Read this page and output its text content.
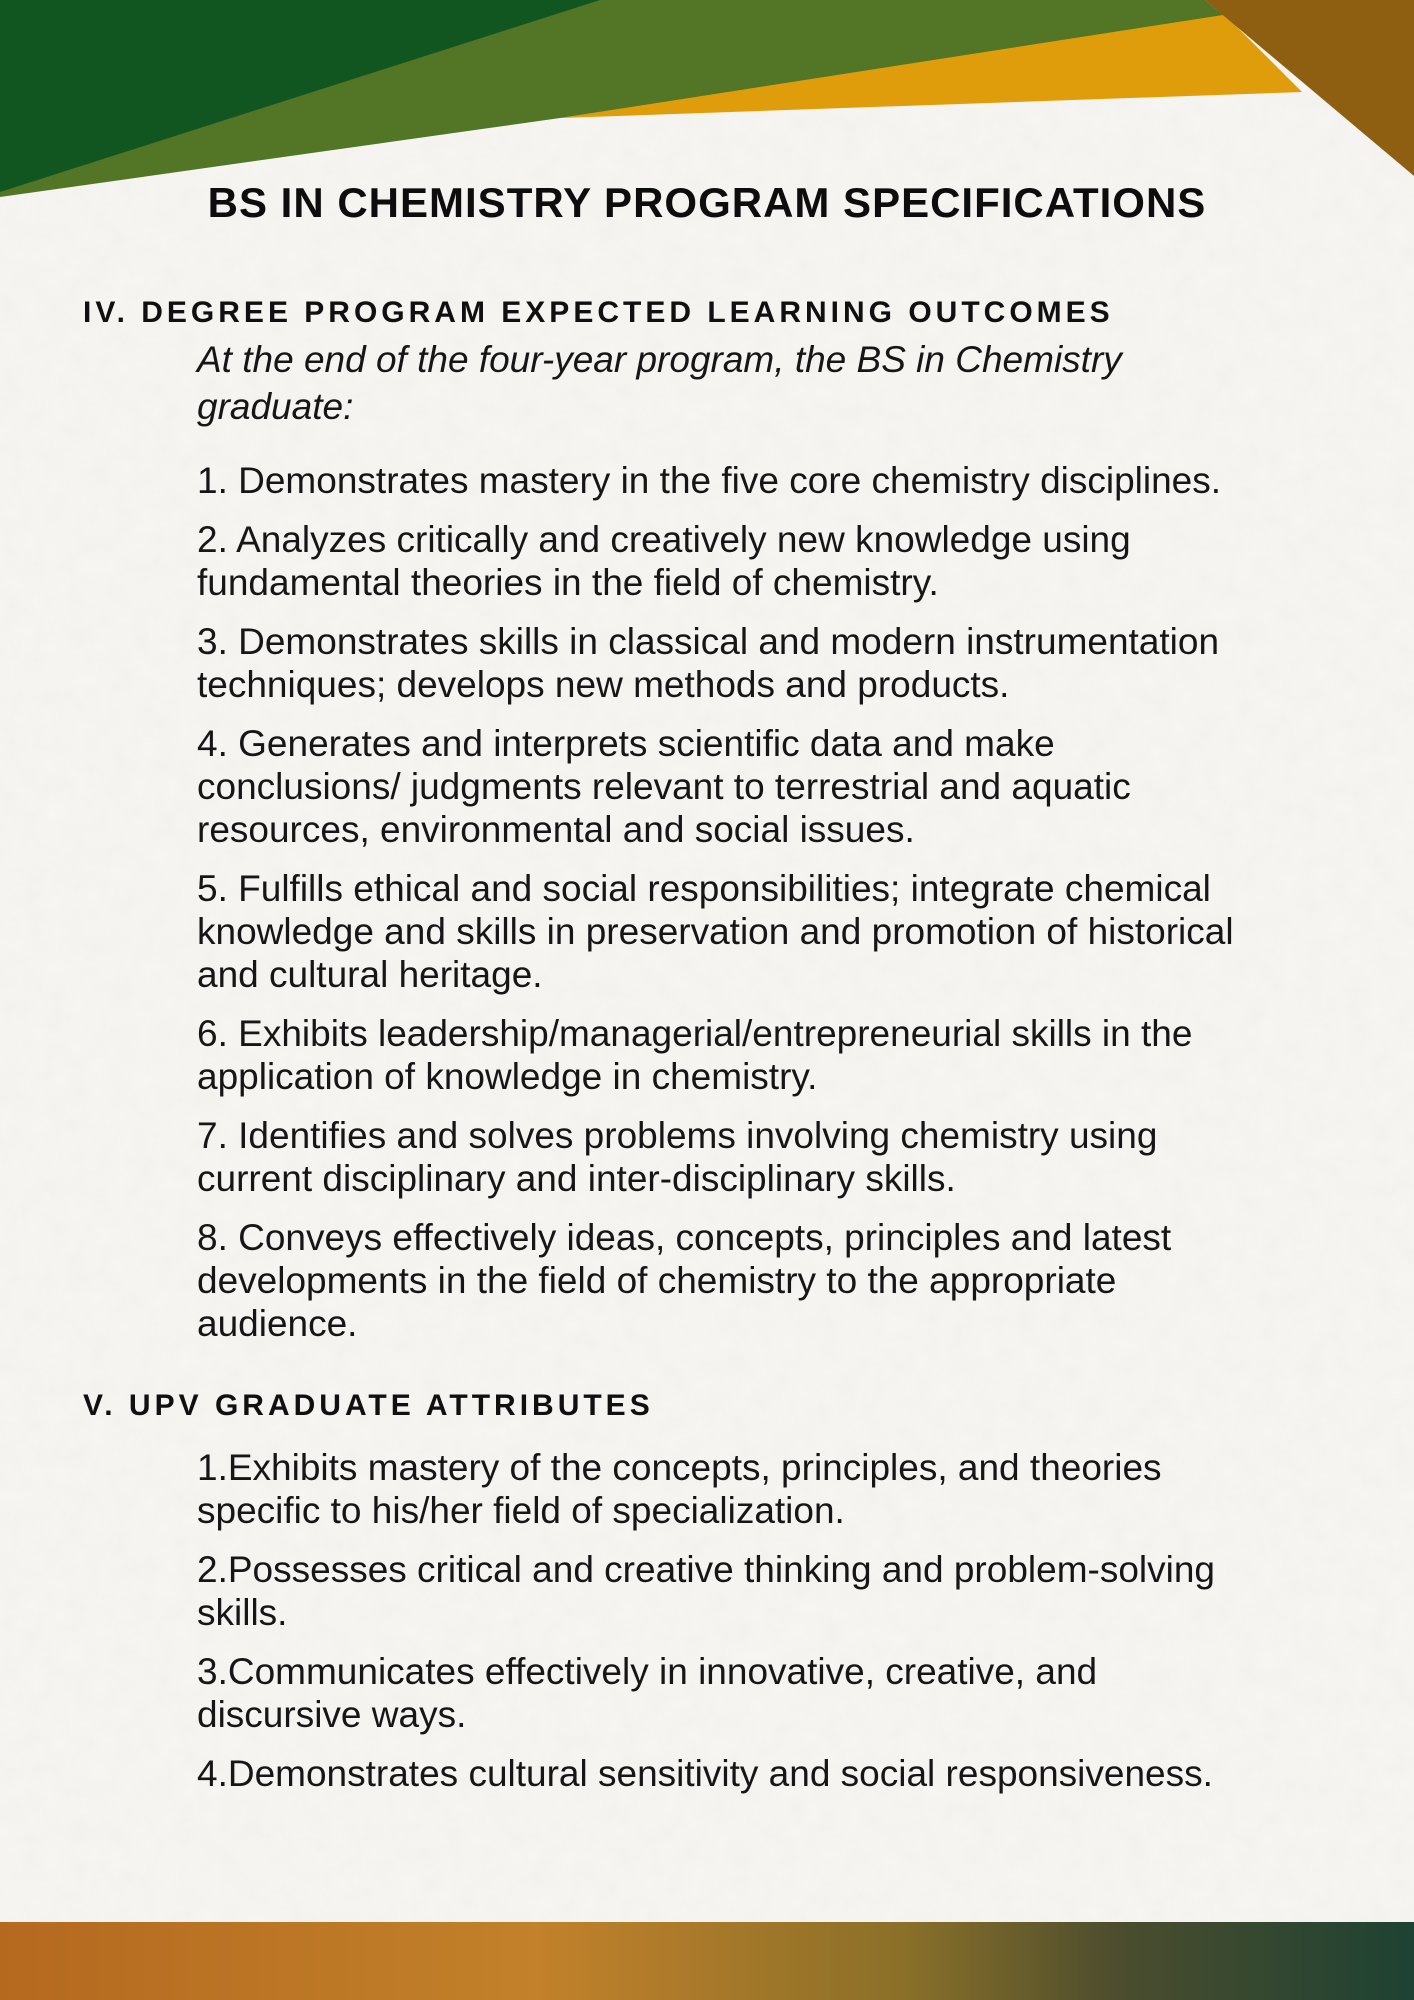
BS IN CHEMISTRY PROGRAM SPECIFICATIONS
IV. DEGREE PROGRAM EXPECTED LEARNING OUTCOMES

At the end of the four-year program, the BS in Chemistry graduate:

1. Demonstrates mastery in the five core chemistry disciplines.

2. Analyzes critically and creatively new knowledge using fundamental theories in the field of chemistry.

3. Demonstrates skills in classical and modern instrumentation techniques; develops new methods and products.

4. Generates and interprets scientific data and make conclusions/ judgments relevant to terrestrial and aquatic resources, environmental and social issues.

5. Fulfills ethical and social responsibilities; integrate chemical knowledge and skills in preservation and promotion of historical and cultural heritage.

6. Exhibits leadership/managerial/entrepreneurial skills in the application of knowledge in chemistry.

7. Identifies and solves problems involving chemistry using current disciplinary and inter-disciplinary skills.

8. Conveys effectively ideas, concepts, principles and latest developments in the field of chemistry to the appropriate audience.

V. UPV GRADUATE ATTRIBUTES

1.Exhibits mastery of the concepts, principles, and theories specific to his/her field of specialization.

2.Possesses critical and creative thinking and problem-solving skills.

3.Communicates effectively in innovative, creative, and discursive ways.

4.Demonstrates cultural sensitivity and social responsiveness.
